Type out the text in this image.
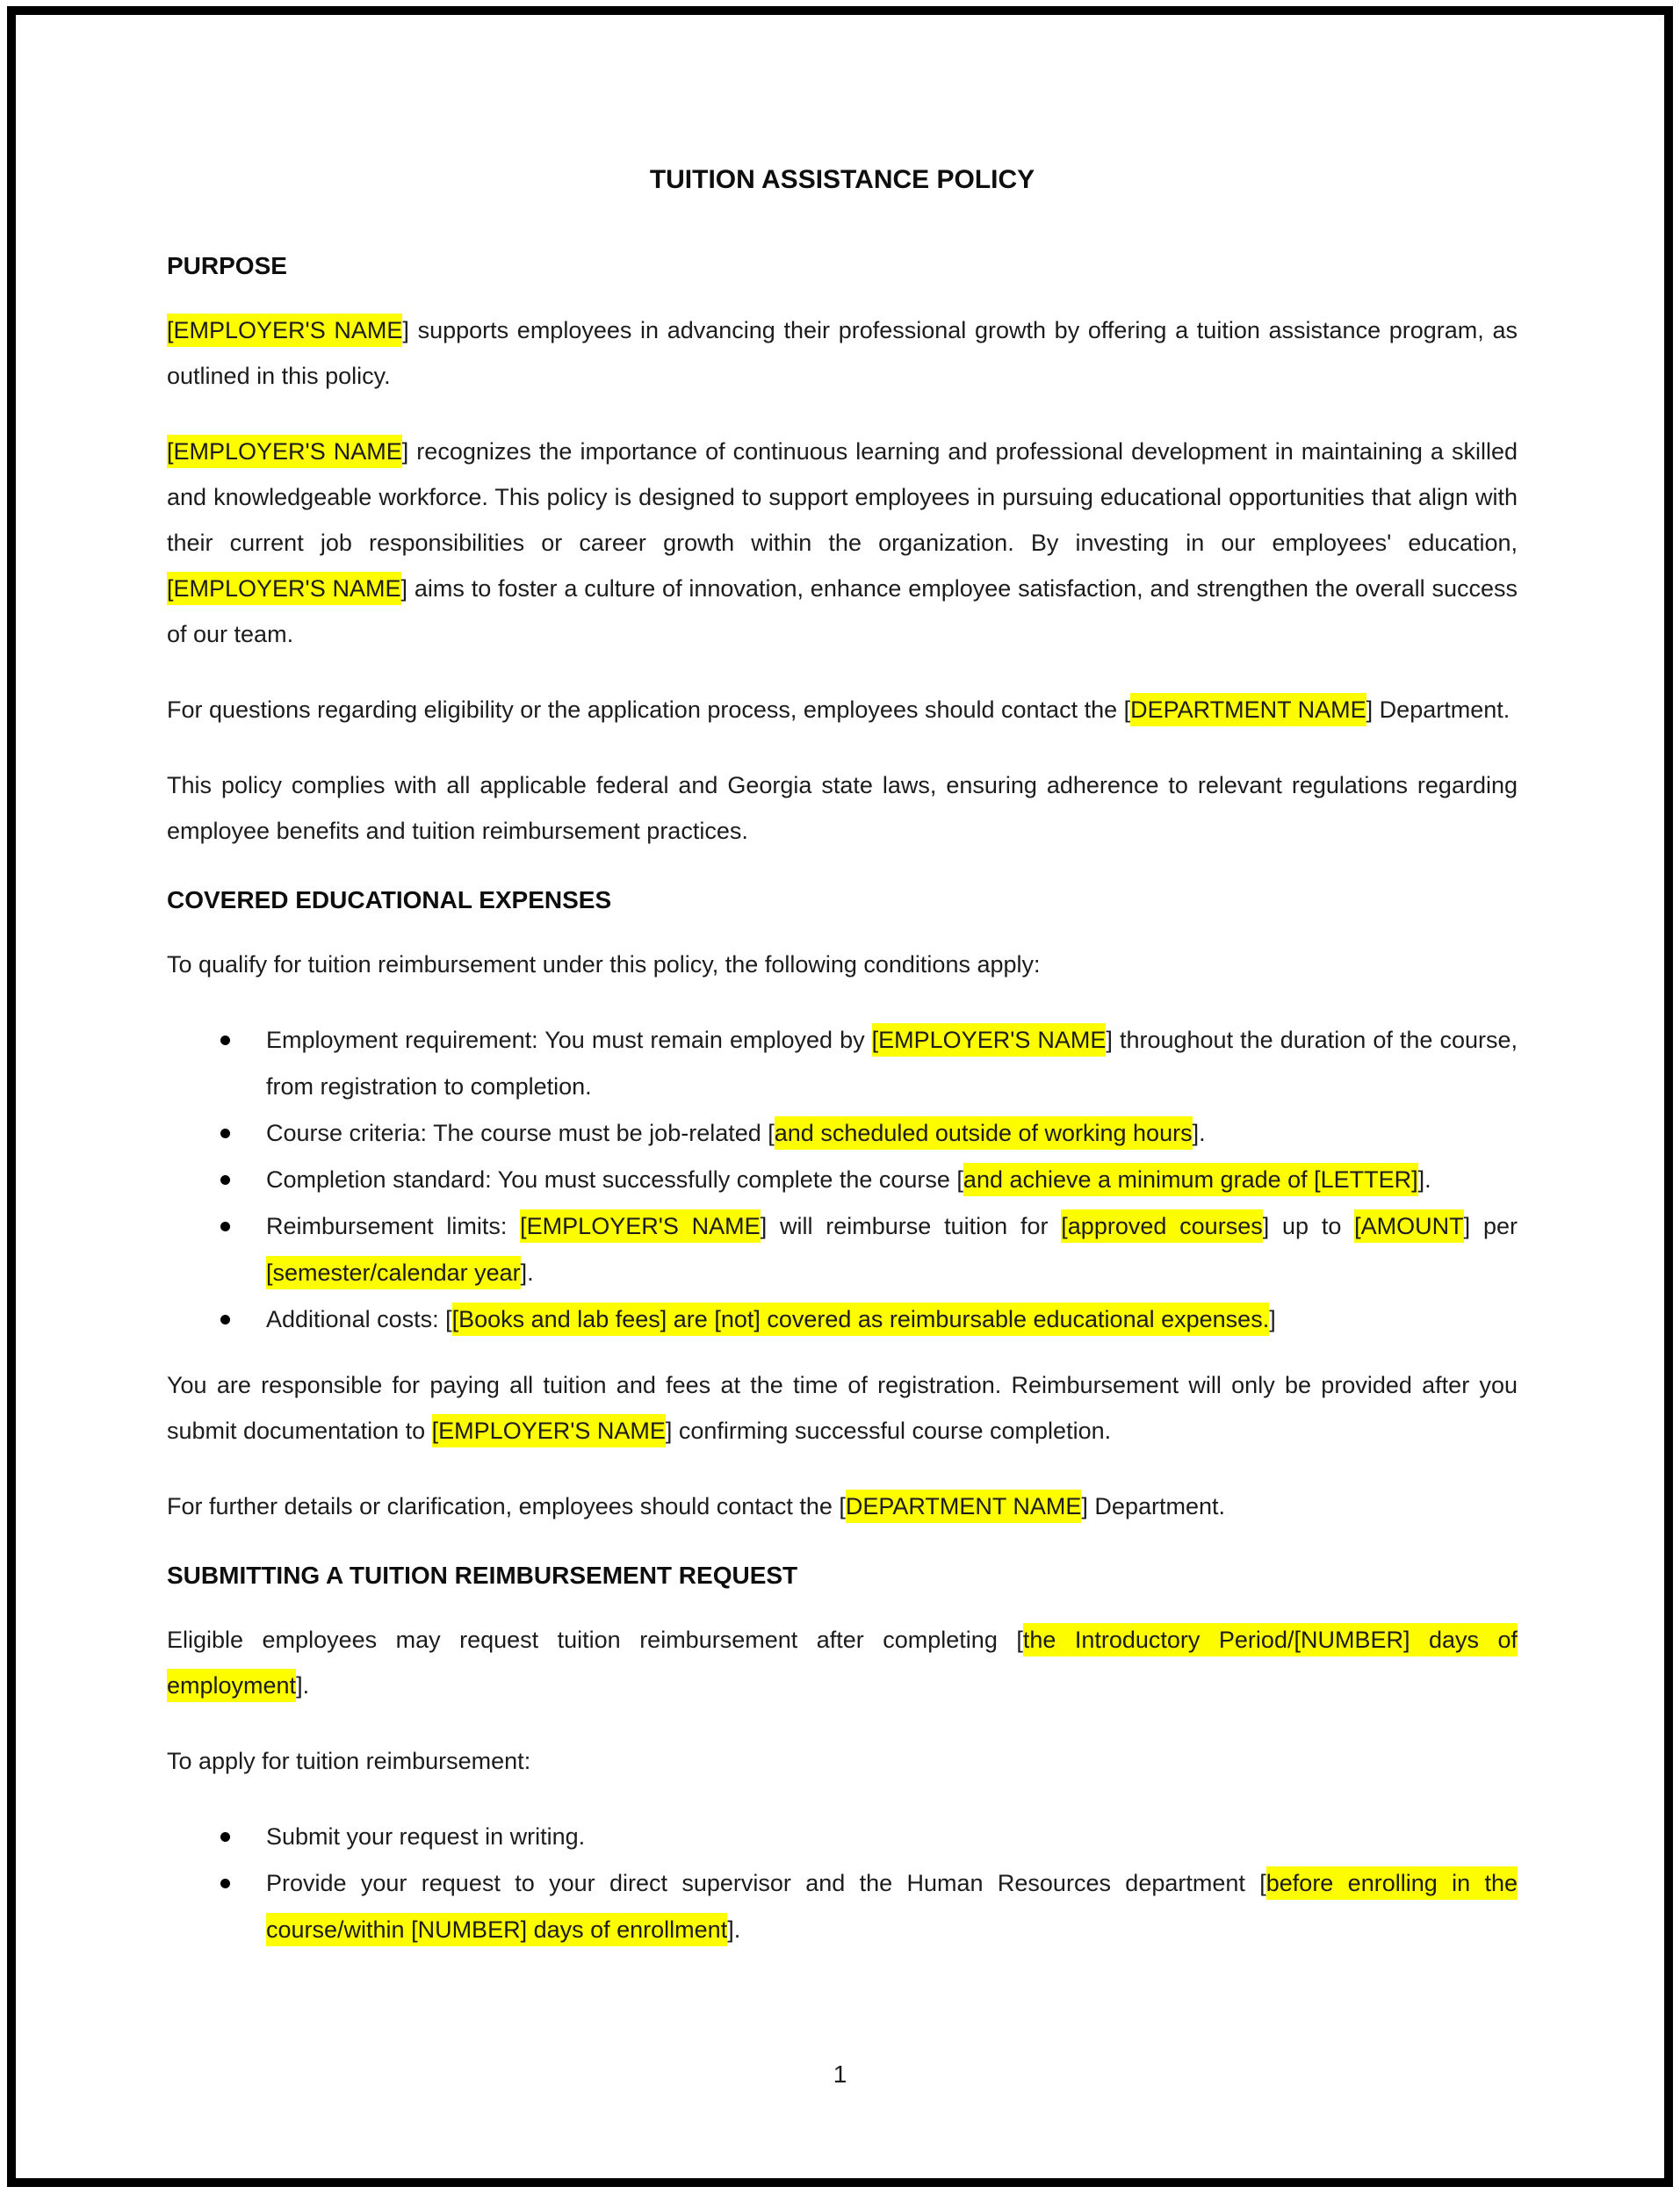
TUITION ASSISTANCE POLICY
PURPOSE

[EMPLOYER'S NAME] supports employees in advancing their professional growth by offering a tuition assistance program, as outlined in this policy.

[EMPLOYER'S NAME] recognizes the importance of continuous learning and professional development in maintaining a skilled and knowledgeable workforce. This policy is designed to support employees in pursuing educational opportunities that align with their current job responsibilities or career growth within the organization. By investing in our employees' education, [EMPLOYER'S NAME] aims to foster a culture of innovation, enhance employee satisfaction, and strengthen the overall success of our team.

For questions regarding eligibility or the application process, employees should contact the [DEPARTMENT NAME] Department.

This policy complies with all applicable federal and Georgia state laws, ensuring adherence to relevant regulations regarding employee benefits and tuition reimbursement practices.

COVERED EDUCATIONAL EXPENSES

To qualify for tuition reimbursement under this policy, the following conditions apply:

Employment requirement: You must remain employed by [EMPLOYER'S NAME] throughout the duration of the course, from registration to completion.
Course criteria: The course must be job-related [and scheduled outside of working hours].
Completion standard: You must successfully complete the course [and achieve a minimum grade of [LETTER]].
Reimbursement limits: [EMPLOYER'S NAME] will reimburse tuition for [approved courses] up to [AMOUNT] per [semester/calendar year].
Additional costs: [[Books and lab fees] are [not] covered as reimbursable educational expenses.]

You are responsible for paying all tuition and fees at the time of registration. Reimbursement will only be provided after you submit documentation to [EMPLOYER'S NAME] confirming successful course completion.

For further details or clarification, employees should contact the [DEPARTMENT NAME] Department.

SUBMITTING A TUITION REIMBURSEMENT REQUEST

Eligible employees may request tuition reimbursement after completing [the Introductory Period/[NUMBER] days of employment].

To apply for tuition reimbursement:

Submit your request in writing.
Provide your request to your direct supervisor and the Human Resources department [before enrolling in the course/within [NUMBER] days of enrollment].
1
